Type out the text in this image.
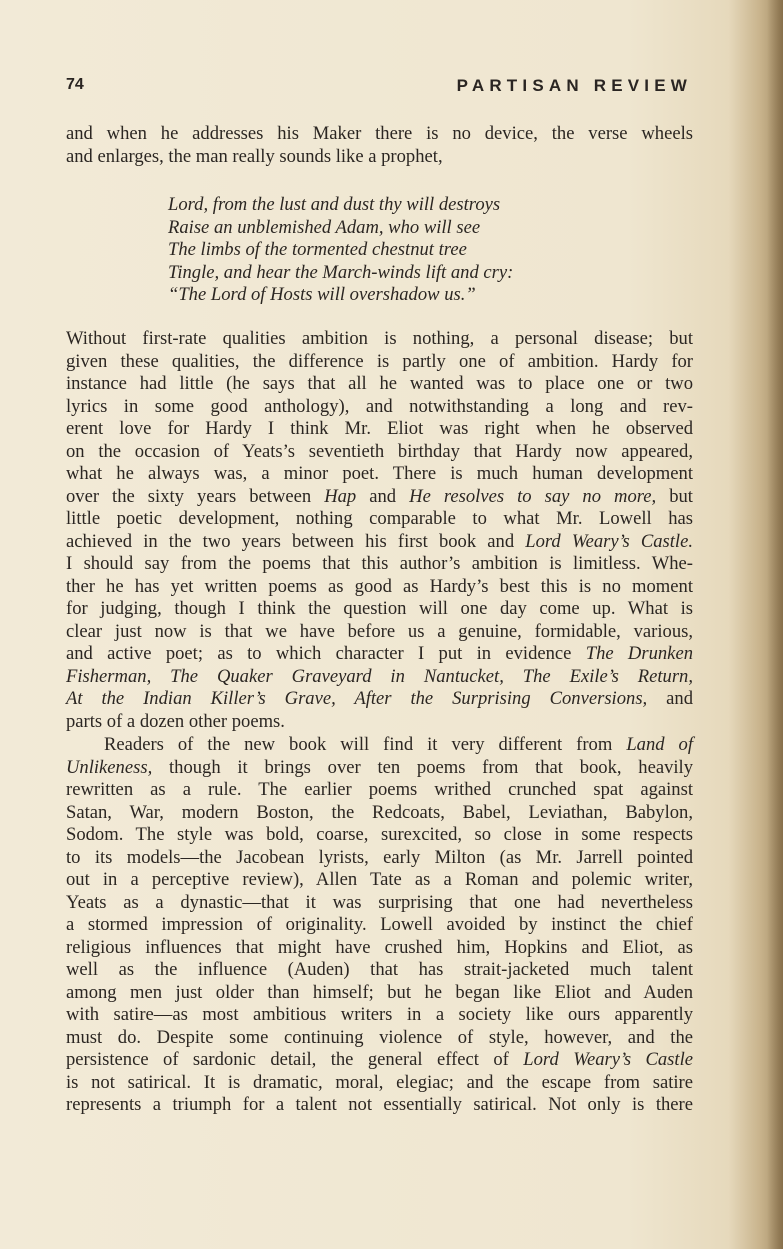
74	PARTISAN REVIEW
and when he addresses his Maker there is no device, the verse wheels
and enlarges, the man really sounds like a prophet,
Lord, from the lust and dust thy will destroys
Raise an unblemished Adam, who will see
The limbs of the tormented chestnut tree
Tingle, and hear the March-winds lift and cry:
“The Lord of Hosts will overshadow us.”
Without first-rate qualities ambition is nothing, a personal disease; but
given these qualities, the difference is partly one of ambition. Hardy for
instance had little (he says that all he wanted was to place one or two
lyrics in some good anthology), and notwithstanding a long and rev-
erent love for Hardy I think Mr. Eliot was right when he observed
on the occasion of Yeats’s seventieth birthday that Hardy now appeared,
what he always was, a minor poet. There is much human development
over the sixty years between Hap and He resolves to say no more, but
little poetic development, nothing comparable to what Mr. Lowell has
achieved in the two years between his first book and Lord Weary’s Castle.
I should say from the poems that this author’s ambition is limitless. Whe-
ther he has yet written poems as good as Hardy’s best this is no moment
for judging, though I think the question will one day come up. What is
clear just now is that we have before us a genuine, formidable, various,
and active poet; as to which character I put in evidence The Drunken
Fisherman, The Quaker Graveyard in Nantucket, The Exile’s Return,
At the Indian Killer’s Grave, After the Surprising Conversions, and
parts of a dozen other poems.
Readers of the new book will find it very different from Land of
Unlikeness, though it brings over ten poems from that book, heavily
rewritten as a rule. The earlier poems writhed crunched spat against
Satan, War, modern Boston, the Redcoats, Babel, Leviathan, Babylon,
Sodom. The style was bold, coarse, surexcited, so close in some respects
to its models—the Jacobean lyrists, early Milton (as Mr. Jarrell pointed
out in a perceptive review), Allen Tate as a Roman and polemic writer,
Yeats as a dynastic—that it was surprising that one had nevertheless
a stormed impression of originality. Lowell avoided by instinct the chief
religious influences that might have crushed him, Hopkins and Eliot, as
well as the influence (Auden) that has strait-jacketed much talent
among men just older than himself; but he began like Eliot and Auden
with satire—as most ambitious writers in a society like ours apparently
must do. Despite some continuing violence of style, however, and the
persistence of sardonic detail, the general effect of Lord Weary’s Castle
is not satirical. It is dramatic, moral, elegiac; and the escape from satire
represents a triumph for a talent not essentially satirical. Not only is there
